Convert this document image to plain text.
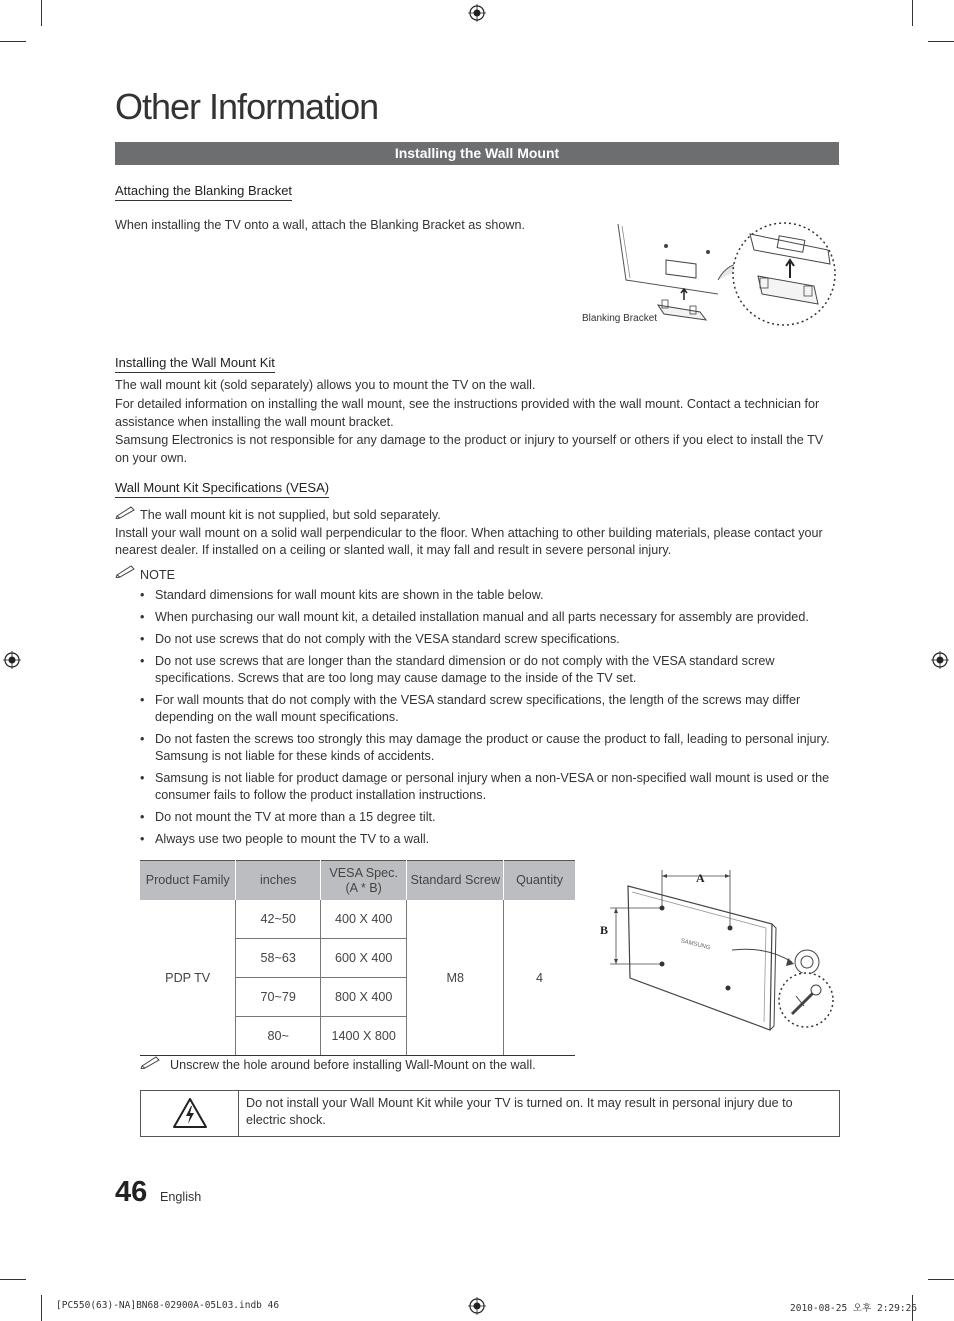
Other Information
Installing the Wall Mount
Attaching the Blanking Bracket
When installing the TV onto a wall, attach the Blanking Bracket as shown.
Blanking Bracket
Installing the Wall Mount Kit
The wall mount kit (sold separately) allows you to mount the TV on the wall.
For detailed information on installing the wall mount, see the instructions provided with the wall mount. Contact a technician for assistance when installing the wall mount bracket.
Samsung Electronics is not responsible for any damage to the product or injury to yourself or others if you elect to install the TV on your own.
Wall Mount Kit Specifications (VESA)
The wall mount kit is not supplied, but sold separately.
Install your wall mount on a solid wall perpendicular to the floor. When attaching to other building materials, please contact your nearest dealer. If installed on a ceiling or slanted wall, it may fall and result in severe personal injury.
NOTE
• Standard dimensions for wall mount kits are shown in the table below.
• When purchasing our wall mount kit, a detailed installation manual and all parts necessary for assembly are provided.
• Do not use screws that do not comply with the VESA standard screw specifications.
• Do not use screws that are longer than the standard dimension or do not comply with the VESA standard screw specifications. Screws that are too long may cause damage to the inside of the TV set.
• For wall mounts that do not comply with the VESA standard screw specifications, the length of the screws may differ depending on the wall mount specifications.
• Do not fasten the screws too strongly this may damage the product or cause the product to fall, leading to personal injury. Samsung is not liable for these kinds of accidents.
• Samsung is not liable for product damage or personal injury when a non-VESA or non-specified wall mount is used or the consumer fails to follow the product installation instructions.
• Do not mount the TV at more than a 15 degree tilt.
• Always use two people to mount the TV to a wall.
Product Family	inches	VESA Spec. (A * B)	Standard Screw	Quantity
PDP TV	42~50	400 X 400	M8	4
	58~63	600 X 400		
	70~79	800 X 400		
	80~	1400 X 800		
A
B
SAMSUNG
Unscrew the hole around before installing Wall-Mount on the wall.
Do not install your Wall Mount Kit while your TV is turned on. It may result in personal injury due to electric shock.
46 English
[PC550(63)-NA]BN68-02900A-05L03.indb 46	2010-08-25 오후 2:29:26
